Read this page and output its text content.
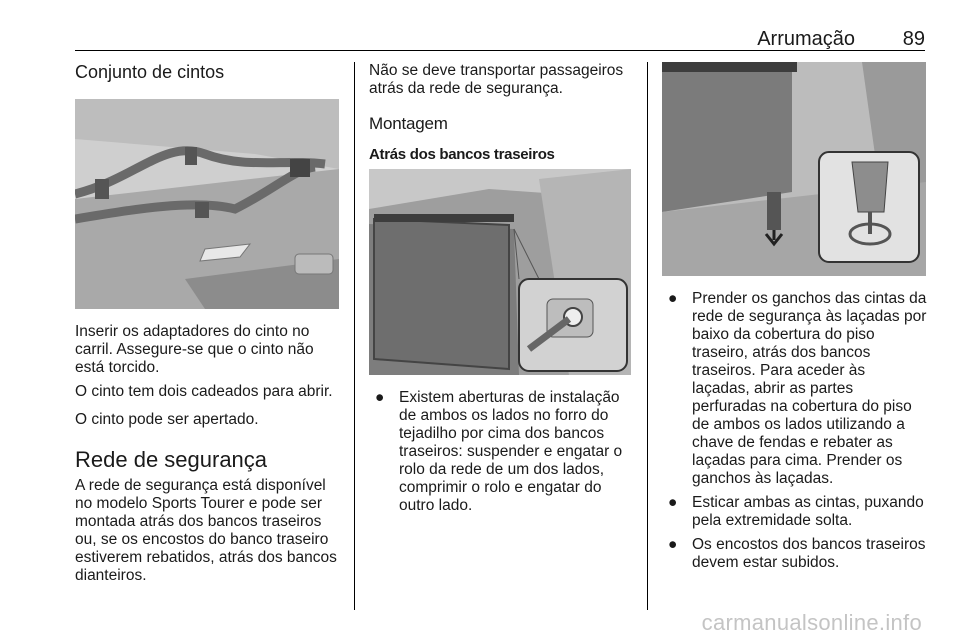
Arrumação 89
Conjunto de cintos

Inserir os adaptadores do cinto no carril. Assegure-se que o cinto não está torcido.

O cinto tem dois cadeados para abrir.

O cinto pode ser apertado.

Rede de segurança

A rede de segurança está disponível no modelo Sports Tourer e pode ser montada atrás dos bancos traseiros ou, se os encostos do banco traseiro estiverem rebatidos, atrás dos bancos dianteiros.

Não se deve transportar passageiros atrás da rede de segurança.

Montagem
Atrás dos bancos traseiros
● Existem aberturas de instalação de ambos os lados no forro do tejadilho por cima dos bancos traseiros: suspender e engatar o rolo da rede de um dos lados, comprimir o rolo e engatar do outro lado.
● Prender os ganchos das cintas da rede de segurança às laçadas por baixo da cobertura do piso traseiro, atrás dos bancos traseiros. Para aceder às laçadas, abrir as partes perfuradas na cobertura do piso de ambos os lados utilizando a chave de fendas e rebater as laçadas para cima. Prender os ganchos às laçadas.
● Esticar ambas as cintas, puxando pela extremidade solta.
● Os encostos dos bancos traseiros devem estar subidos.
carmanualsonline.info
